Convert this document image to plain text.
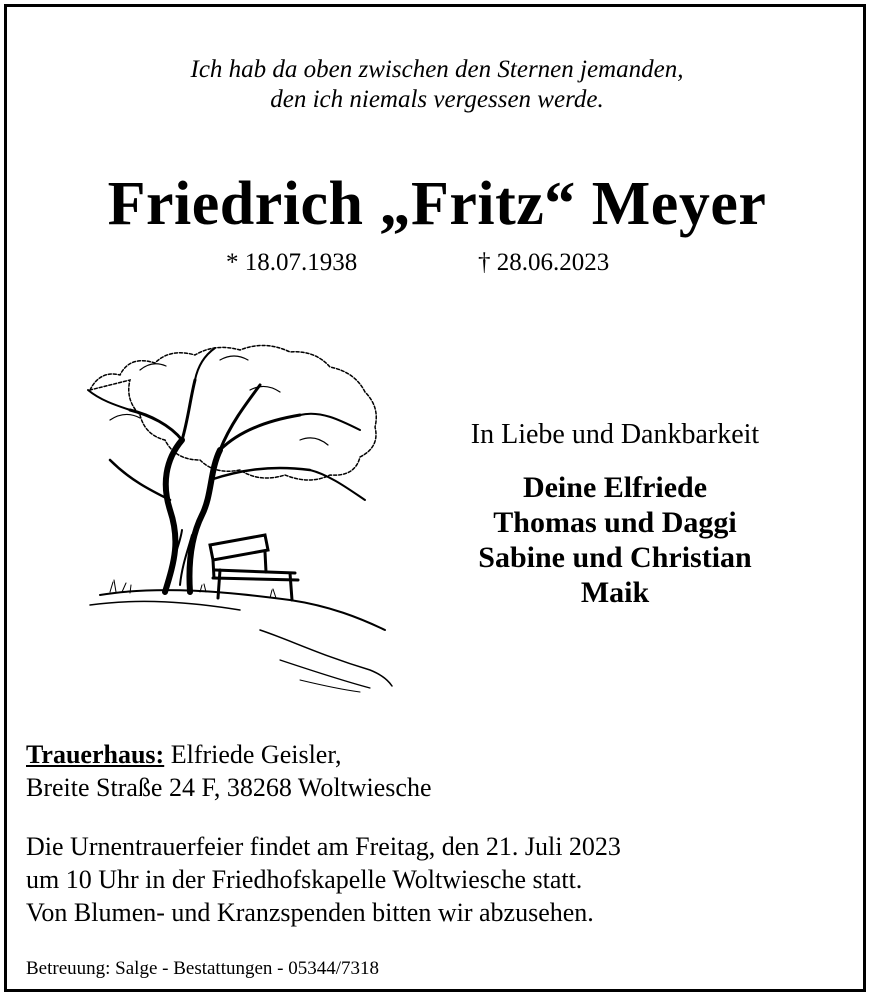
Ich hab da oben zwischen den Sternen jemanden,
den ich niemals vergessen werde.
Friedrich „Fritz“ Meyer
* 18.07.1938	† 28.06.2023
In Liebe und Dankbarkeit
Deine Elfriede
Thomas und Daggi
Sabine und Christian
Maik
Trauerhaus: Elfriede Geisler,
Breite Straße 24 F, 38268 Woltwiesche
Die Urnentrauerfeier findet am Freitag, den 21. Juli 2023
um 10 Uhr in der Friedhofskapelle Woltwiesche statt.
Von Blumen- und Kranzspenden bitten wir abzusehen.
Betreuung: Salge - Bestattungen - 05344/7318
